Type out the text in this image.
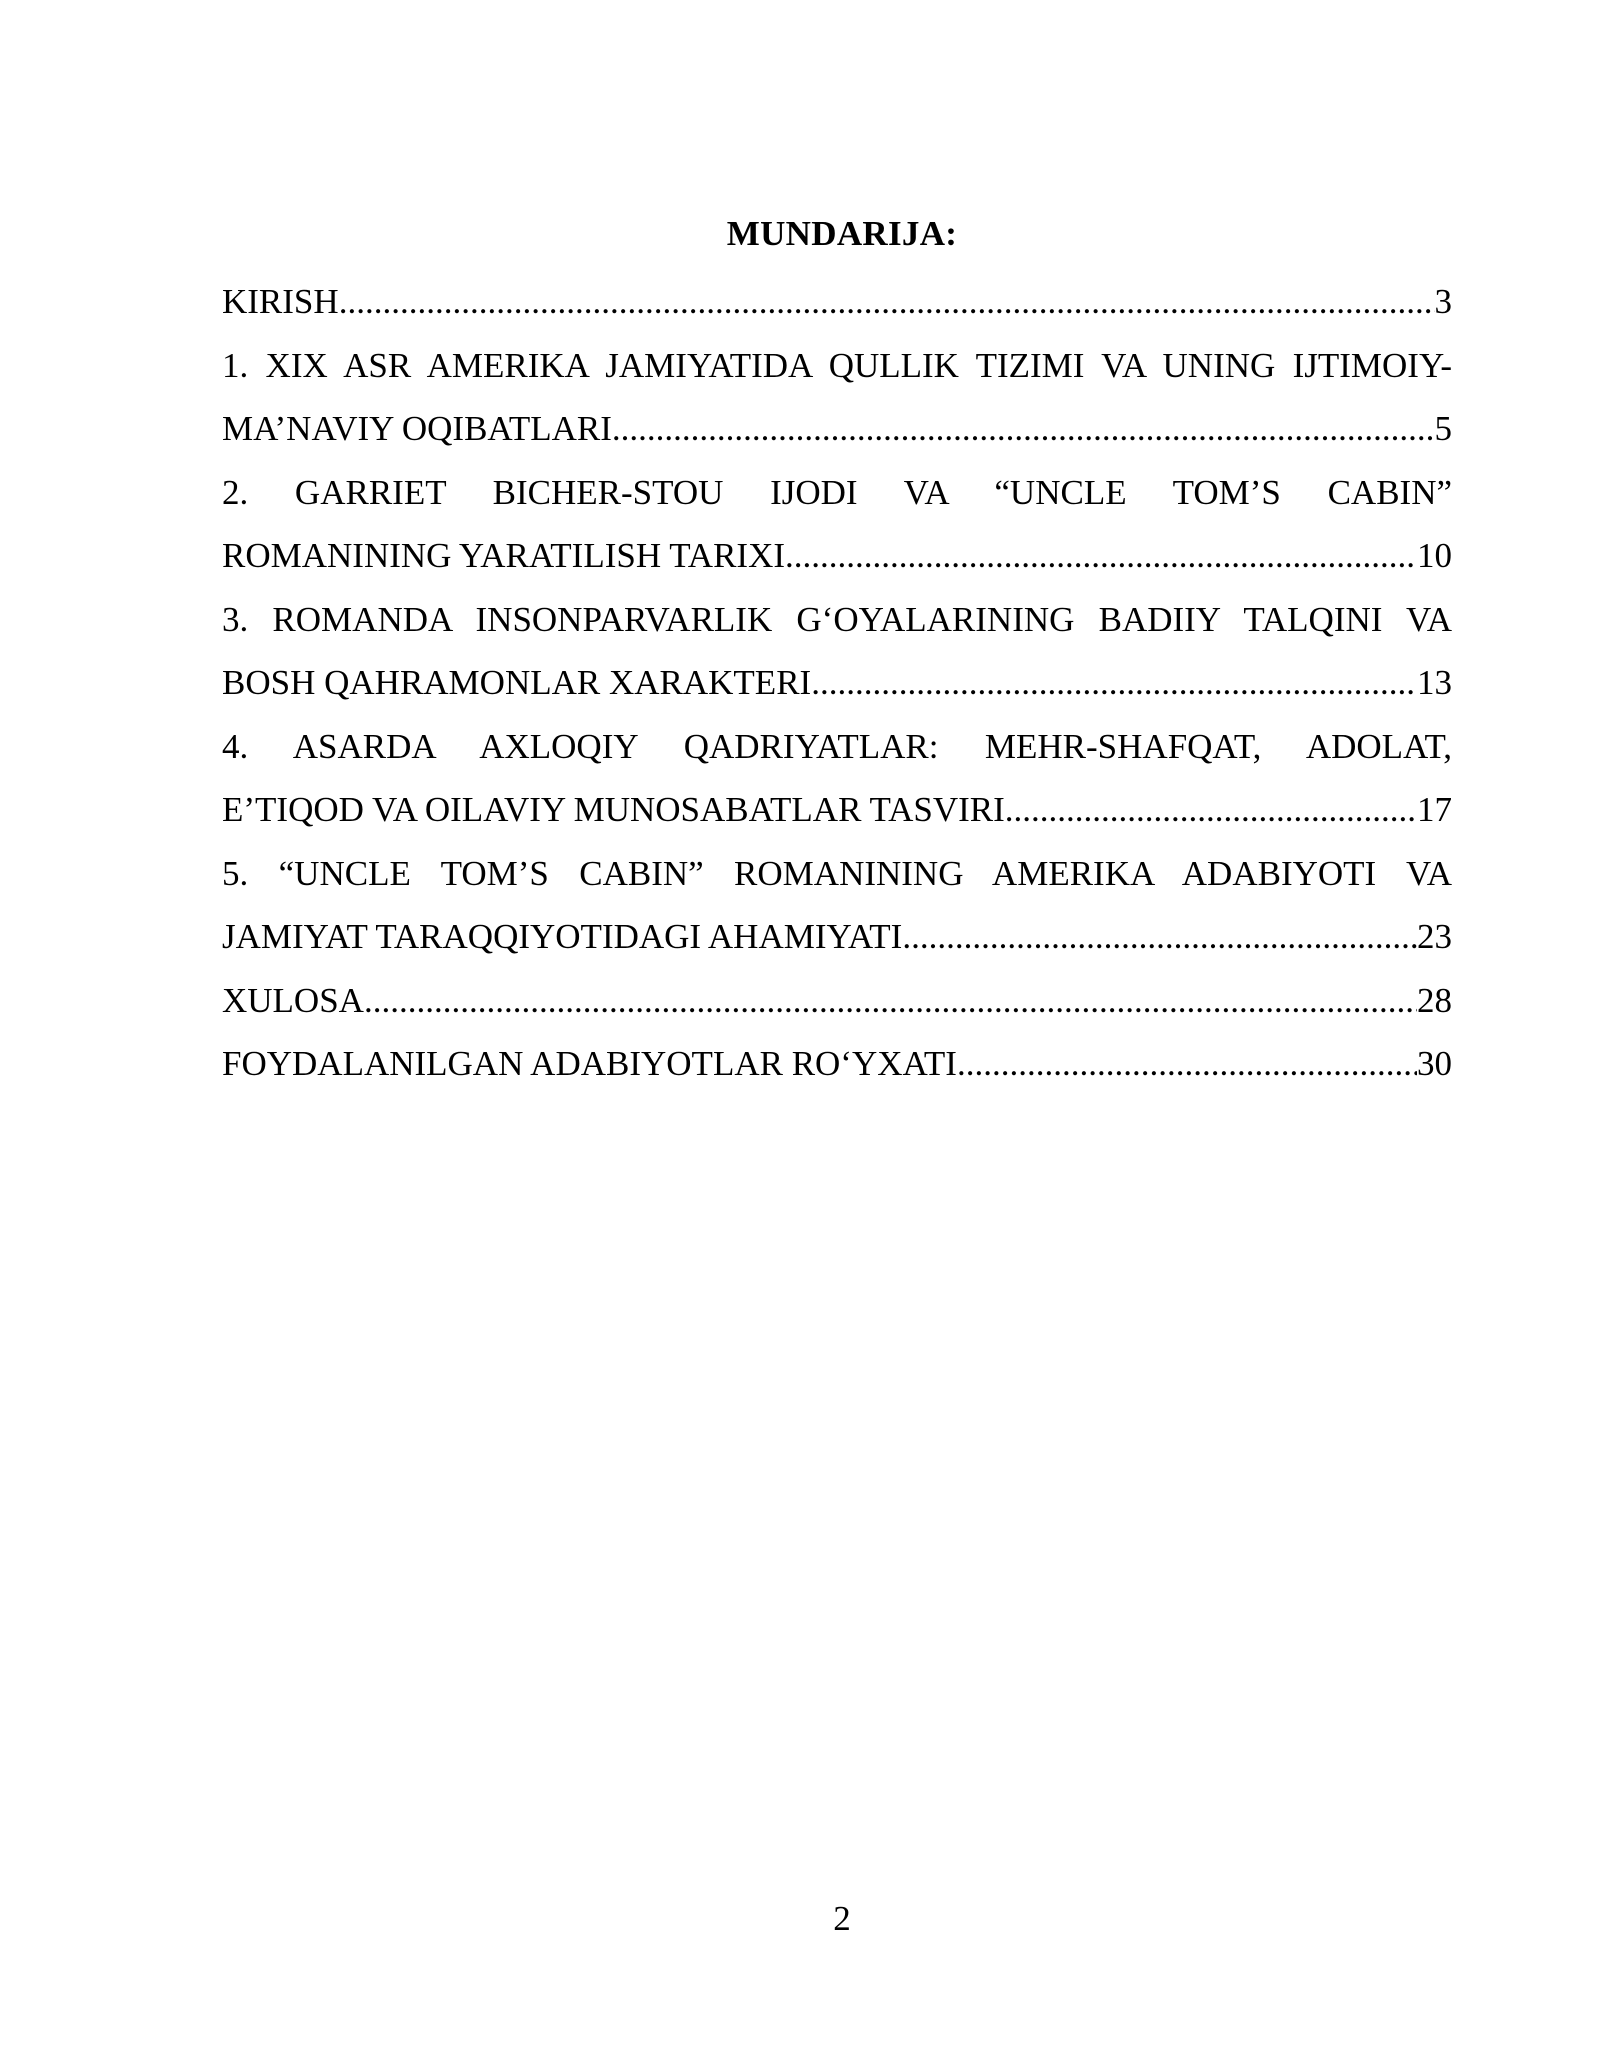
MUNDARIJA:
KIRISH .....	3
1. XIX ASR AMERIKA JAMIYATIDA QULLIK TIZIMI VA UNING IJTIMOIY-
MA’NAVIY OQIBATLARI .....	5
2. GARRIET BICHER-STOU IJODI VA “UNCLE TOM’S CABIN”
ROMANINING YARATILISH TARIXI .....	10
3. ROMANDA INSONPARVARLIK G‘OYALARINING BADIIY TALQINI VA
BOSH QAHRAMONLAR XARAKTERI .....	13
4. ASARDA AXLOQIY QADRIYATLAR: MEHR-SHAFQAT, ADOLAT,
E’TIQOD VA OILAVIY MUNOSABATLAR TASVIRI .....	17
5. “UNCLE TOM’S CABIN” ROMANINING AMERIKA ADABIYOTI VA
JAMIYAT TARAQQIYOTIDAGI AHAMIYATI .....	23
XULOSA .....	28
FOYDALANILGAN ADABIYOTLAR RO‘YXATI .....	30
2
